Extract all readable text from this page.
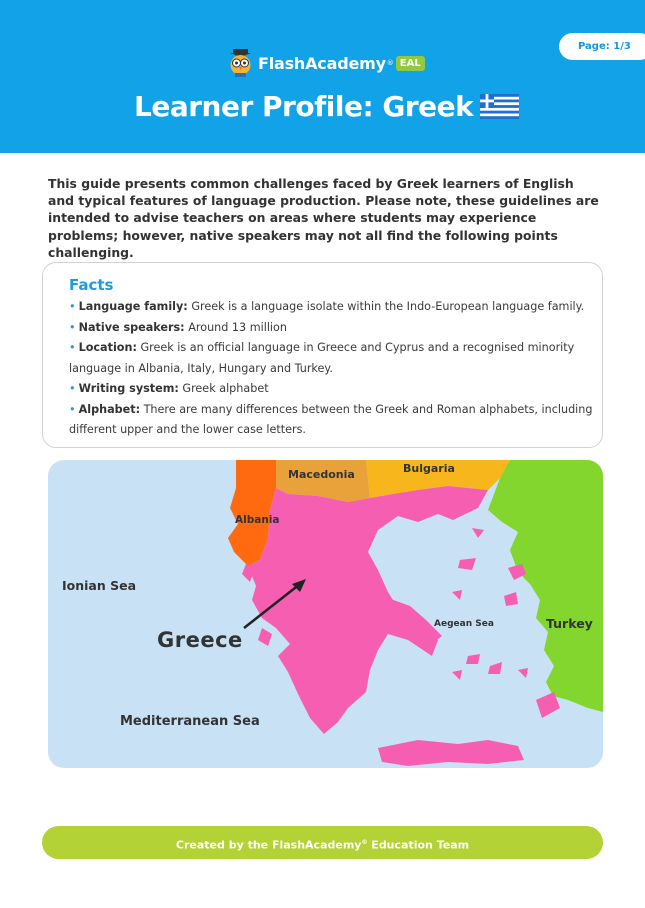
Page: 1/3
FlashAcademy ® EAL
Learner Profile: Greek

This guide presents common challenges faced by Greek learners of English and typical features of language production. Please note, these guidelines are intended to advise teachers on areas where students may experience problems; however, native speakers may not all find the following points challenging.

Facts
• Language family: Greek is a language isolate within the Indo-European language family.
• Native speakers: Around 13 million
• Location: Greek is an official language in Greece and Cyprus and a recognised minority language in Albania, Italy, Hungary and Turkey.
• Writing system: Greek alphabet
• Alphabet: There are many differences between the Greek and Roman alphabets, including different upper and the lower case letters.
Macedonia	Bulgaria
Albania
Ionian Sea
Greece
Aegean Sea	Turkey
Mediterranean Sea
Created by the FlashAcademy® Education Team
